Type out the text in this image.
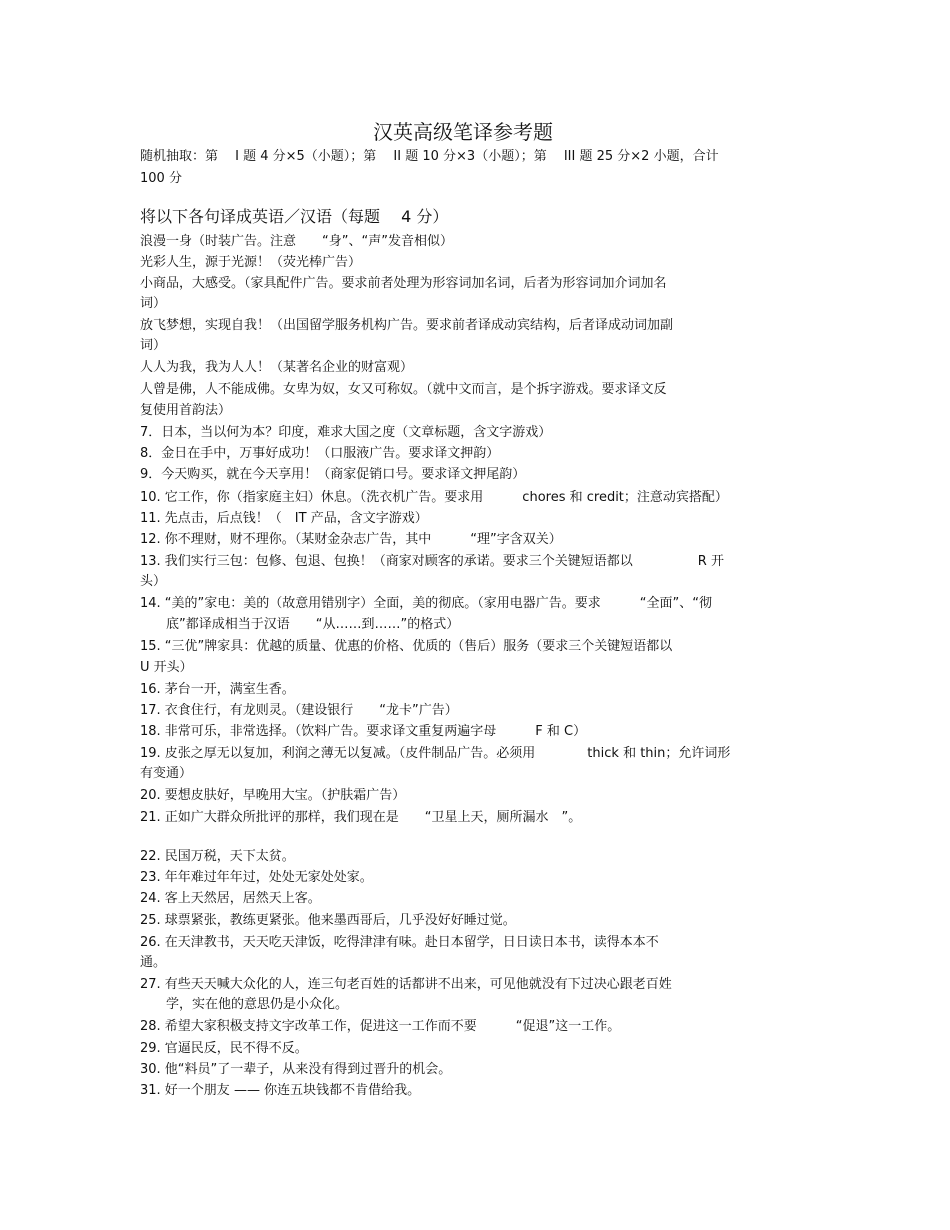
汉英高级笔译参考题
随机抽取：第　 I 题 4 分×5（小题）；第　 II 题 10 分×3（小题）；第　 III 题 25 分×2 小题，合计
100 分
将以下各句译成英语／汉语（每题　 4 分）
浪漫一身（时装广告。注意　　“身”、“声”发音相似）
光彩人生，源于光源！（荧光棒广告）
小商品，大感受。（家具配件广告。要求前者处理为形容词加名词，后者为形容词加介词加名
词）
放飞梦想，实现自我！（出国留学服务机构广告。要求前者译成动宾结构，后者译成动词加副
词）
人人为我，我为人人！（某著名企业的财富观）
人曾是佛，人不能成佛。女卑为奴，女又可称奴。（就中文而言，是个拆字游戏。要求译文反
复使用首韵法）
7．日本，当以何为本？印度，难求大国之度（文章标题，含文字游戏）
8．金日在手中，万事好成功！（口服液广告。要求译文押韵）
9．今天购买，就在今天享用！（商家促销口号。要求译文押尾韵）
10. 它工作，你（指家庭主妇）休息。（洗衣机广告。要求用　　　chores 和 credit；注意动宾搭配）
11. 先点击，后点钱！（　IT 产品，含文字游戏）
12. 你不理财，财不理你。（某财金杂志广告，其中　　　“理”字含双关）
13. 我们实行三包：包修、包退、包换！（商家对顾客的承诺。要求三个关键短语都以　　　　　R 开
头）
14. “美的”家电：美的（故意用错别字）全面，美的彻底。（家用电器广告。要求　　　“全面”、“彻
　　底”都译成相当于汉语　　“从……到……”的格式）
15. “三优”牌家具：优越的质量、优惠的价格、优质的（售后）服务（要求三个关键短语都以
U 开头）
16. 茅台一开，满室生香。
17. 衣食住行，有龙则灵。（建设银行　　“龙卡”广告）
18. 非常可乐，非常选择。（饮料广告。要求译文重复两遍字母　　　F 和 C）
19. 皮张之厚无以复加，利润之薄无以复减。（皮件制品广告。必须用　　　　thick 和 thin；允许词形
有变通）
20. 要想皮肤好，早晚用大宝。（护肤霜广告）
21. 正如广大群众所批评的那样，我们现在是　　“卫星上天，厕所漏水　”。
22. 民国万税，天下太贫。
23. 年年难过年年过，处处无家处处家。
24. 客上天然居，居然天上客。
25. 球票紧张，教练更紧张。他来墨西哥后，几乎没好好睡过觉。
26. 在天津教书，天天吃天津饭，吃得津津有味。赴日本留学，日日读日本书，读得本本不
通。
27. 有些天天喊大众化的人，连三句老百姓的话都讲不出来，可见他就没有下过决心跟老百姓
　　学，实在他的意思仍是小众化。
28. 希望大家积极支持文字改革工作，促进这一工作而不要　　　“促退”这一工作。
29. 官逼民反，民不得不反。
30. 他“料员”了一辈子，从来没有得到过晋升的机会。
31. 好一个朋友 —— 你连五块钱都不肯借给我。
